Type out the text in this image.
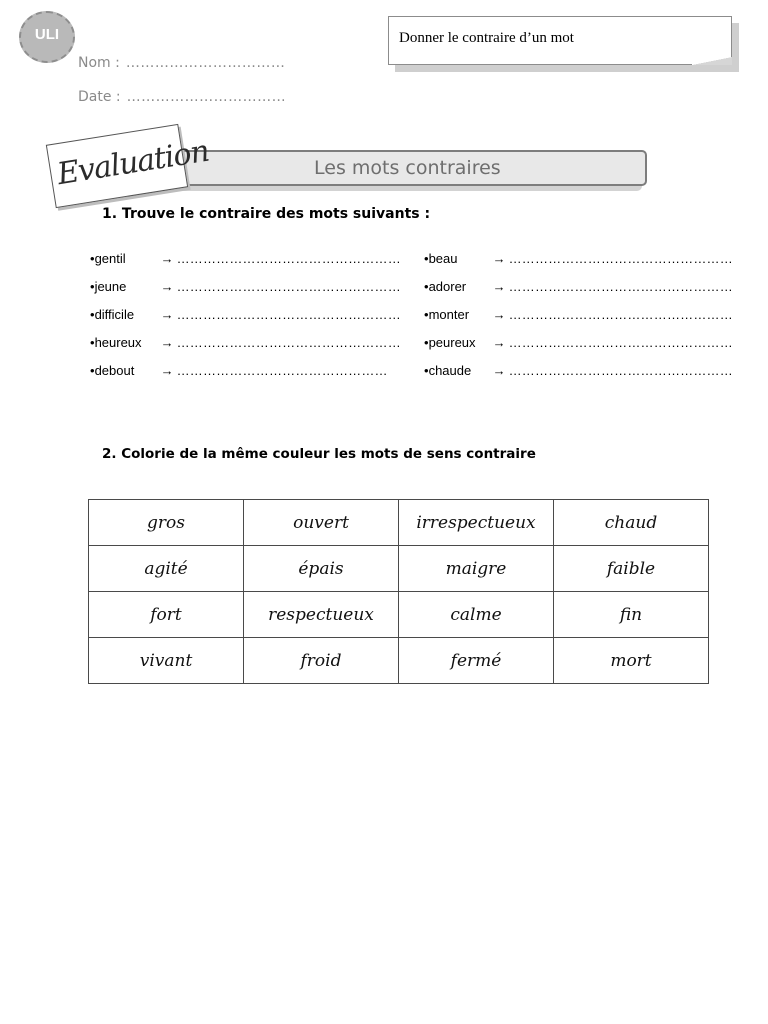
ULI
Nom : ……………………………
Date : ……………………………
Donner le contraire d’un mot
Les mots contraires
Evaluation
1. Trouve le contraire des mots suivants :
•gentil	→ ……………………………………………
•jeune	→ ……………………………………………
•difficile → ……………………………………………
•heureux → ……………………………………………
•debout → …………………………………………
•beau	→ ……………………………………………
•adorer → ……………………………………………
•monter → ……………………………………………
•peureux → ……………………………………………
•chaude → ……………………………………………
2. Colorie de la même couleur les mots de sens contraire
gros	ouvert	irrespectueux	chaud
agité	épais	maigre	faible
fort	respectueux	calme	fin
vivant	froid	fermé	mort
